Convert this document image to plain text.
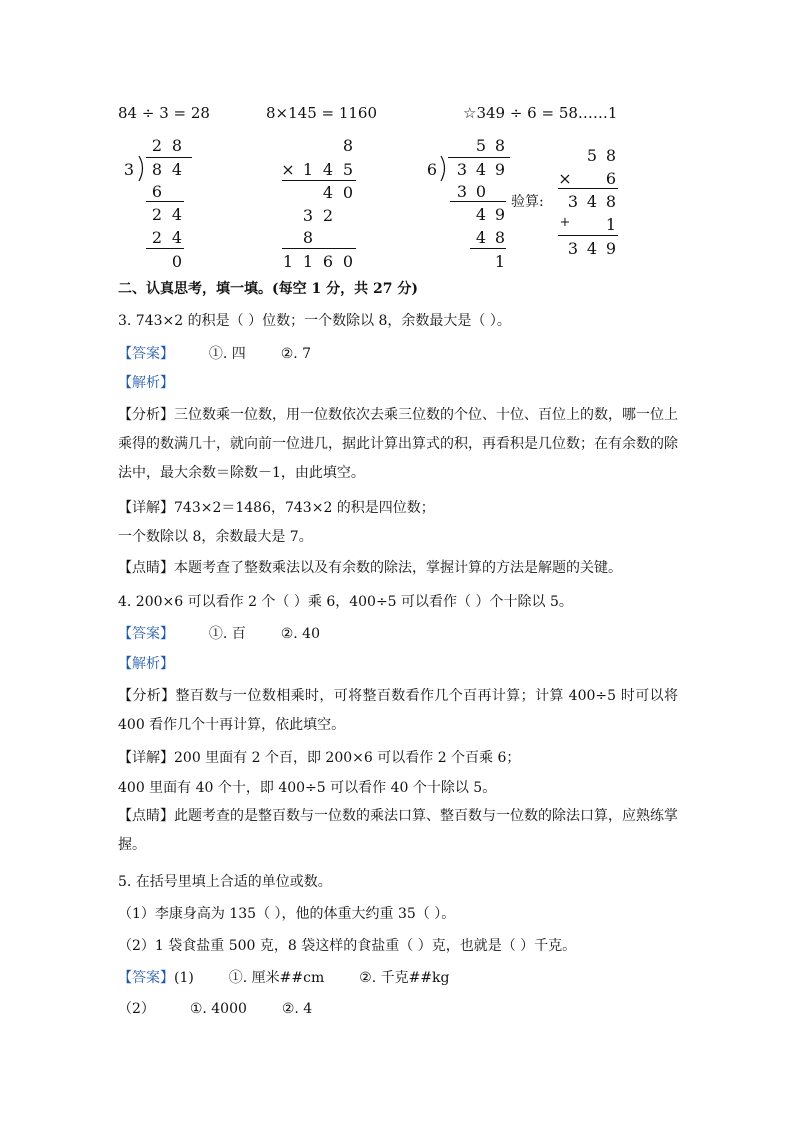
84 ÷ 3 = 28	8×145 = 1160	☆349 ÷ 6 = 58……1
2 8
3 8 4
6
2 4
2 4
0
8
× 1 4 5
4 0
3 2
8
1 1 6 0
5 8
6 3 4 9
3 0
4 9
4 8
1
验算:
5 8
× 6
3 4 8
+ 1
3 4 9
二、认真思考，填一填。(每空 1 分，共 27 分)
3. 743×2 的积是（ ）位数；一个数除以 8，余数最大是（ ）。
【答案】 ①. 四 ②. 7
【解析】
【分析】三位数乘一位数，用一位数依次去乘三位数的个位、十位、百位上的数，哪一位上乘得的数满几十，就向前一位进几，据此计算出算式的积，再看积是几位数；在有余数的除法中，最大余数＝除数－1，由此填空。
【详解】743×2＝1486，743×2 的积是四位数；
一个数除以 8，余数最大是 7。
【点睛】本题考查了整数乘法以及有余数的除法，掌握计算的方法是解题的关键。
4. 200×6 可以看作 2 个（ ）乘 6，400÷5 可以看作（ ）个十除以 5。
【答案】 ①. 百 ②. 40
【解析】
【分析】整百数与一位数相乘时，可将整百数看作几个百再计算；计算 400÷5 时可以将 400 看作几个十再计算，依此填空。
【详解】200 里面有 2 个百，即 200×6 可以看作 2 个百乘 6；
400 里面有 40 个十，即 400÷5 可以看作 40 个十除以 5。
【点睛】此题考查的是整百数与一位数的乘法口算、整百数与一位数的除法口算，应熟练掌握。
5. 在括号里填上合适的单位或数。
（1）李康身高为 135（ ），他的体重大约重 35（ ）。
（2）1 袋食盐重 500 克，8 袋这样的食盐重（ ）克，也就是（ ）千克。
【答案】(1) ①. 厘米##cm ②. 千克##kg
（2） ①. 4000 ②. 4
